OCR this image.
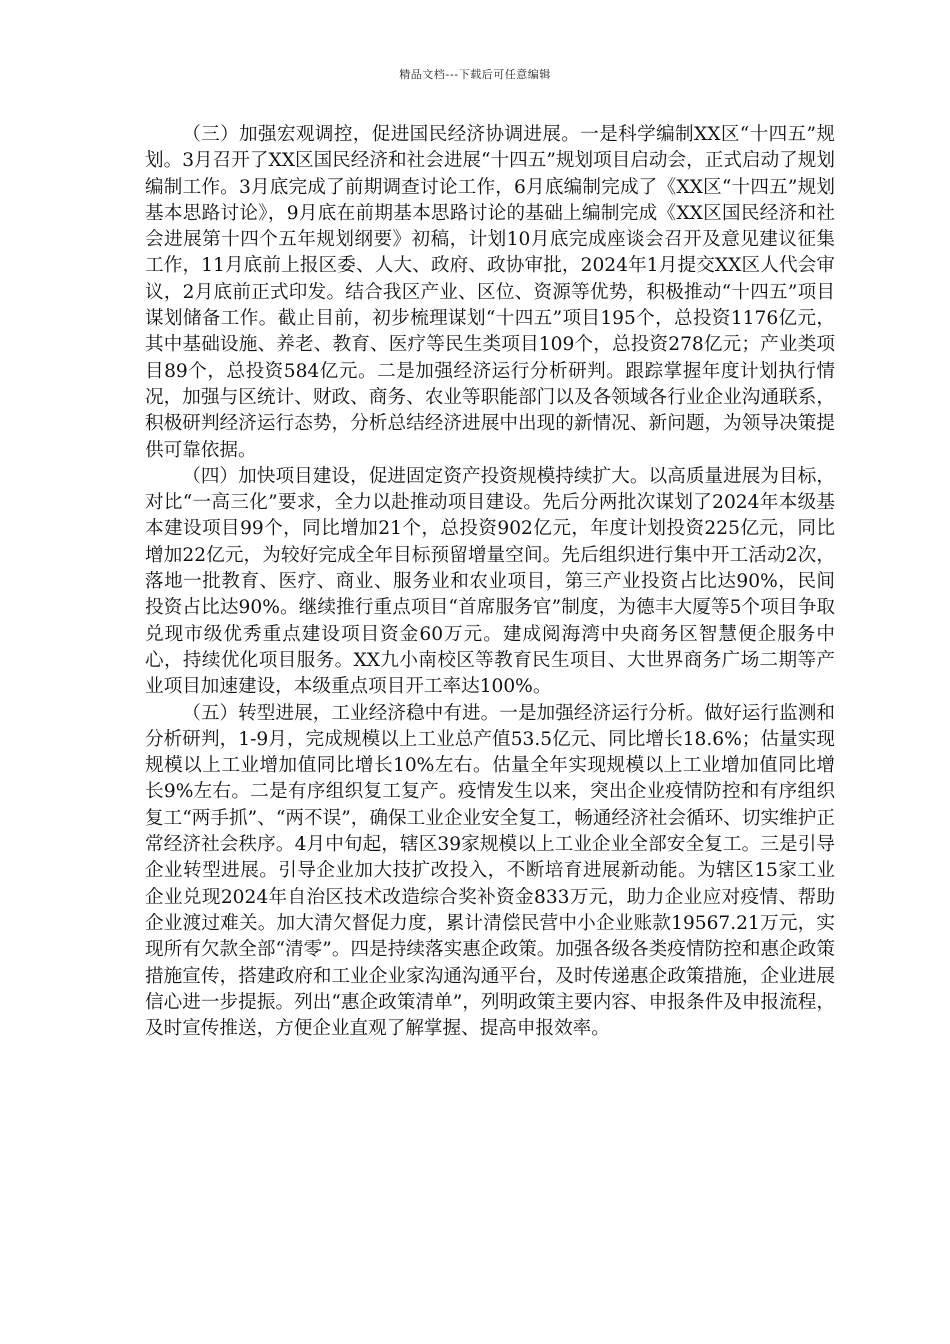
精品文档---下载后可任意编辑

（三）加强宏观调控，促进国民经济协调进展。一是科学编制XX区“十四五”规划。3月召开了XX区国民经济和社会进展“十四五”规划项目启动会，正式启动了规划编制工作。3月底完成了前期调查讨论工作，6月底编制完成了《XX区“十四五”规划基本思路讨论》，9月底在前期基本思路讨论的基础上编制完成《XX区国民经济和社会进展第十四个五年规划纲要》初稿，计划10月底完成座谈会召开及意见建议征集工作，11月底前上报区委、人大、政府、政协审批，2024年1月提交XX区人代会审议，2月底前正式印发。结合我区产业、区位、资源等优势，积极推动“十四五”项目谋划储备工作。截止目前，初步梳理谋划“十四五”项目195个，总投资1176亿元，其中基础设施、养老、教育、医疗等民生类项目109个，总投资278亿元；产业类项目89个，总投资584亿元。二是加强经济运行分析研判。跟踪掌握年度计划执行情况，加强与区统计、财政、商务、农业等职能部门以及各领域各行业企业沟通联系，积极研判经济运行态势，分析总结经济进展中出现的新情况、新问题，为领导决策提供可靠依据。

（四）加快项目建设，促进固定资产投资规模持续扩大。以高质量进展为目标，对比“一高三化”要求，全力以赴推动项目建设。先后分两批次谋划了2024年本级基本建设项目99个，同比增加21个，总投资902亿元，年度计划投资225亿元，同比增加22亿元，为较好完成全年目标预留增量空间。先后组织进行集中开工活动2次，落地一批教育、医疗、商业、服务业和农业项目，第三产业投资占比达90%，民间投资占比达90%。继续推行重点项目“首席服务官”制度，为德丰大厦等5个项目争取兑现市级优秀重点建设项目资金60万元。建成阅海湾中央商务区智慧便企服务中心，持续优化项目服务。XX九小南校区等教育民生项目、大世界商务广场二期等产业项目加速建设，本级重点项目开工率达100%。

（五）转型进展，工业经济稳中有进。一是加强经济运行分析。做好运行监测和分析研判，1-9月，完成规模以上工业总产值53.5亿元、同比增长18.6%；估量实现规模以上工业增加值同比增长10%左右。估量全年实现规模以上工业增加值同比增长9%左右。二是有序组织复工复产。疫情发生以来，突出企业疫情防控和有序组织复工“两手抓”、“两不误”，确保工业企业安全复工，畅通经济社会循环、切实维护正常经济社会秩序。4月中旬起，辖区39家规模以上工业企业全部安全复工。三是引导企业转型进展。引导企业加大技扩改投入，不断培育进展新动能。为辖区15家工业企业兑现2024年自治区技术改造综合奖补资金833万元，助力企业应对疫情、帮助企业渡过难关。加大清欠督促力度，累计清偿民营中小企业账款19567.21万元，实现所有欠款全部“清零”。四是持续落实惠企政策。加强各级各类疫情防控和惠企政策措施宣传，搭建政府和工业企业家沟通沟通平台，及时传递惠企政策措施，企业进展信心进一步提振。列出“惠企政策清单”，列明政策主要内容、申报条件及申报流程，及时宣传推送，方便企业直观了解掌握、提高申报效率。
